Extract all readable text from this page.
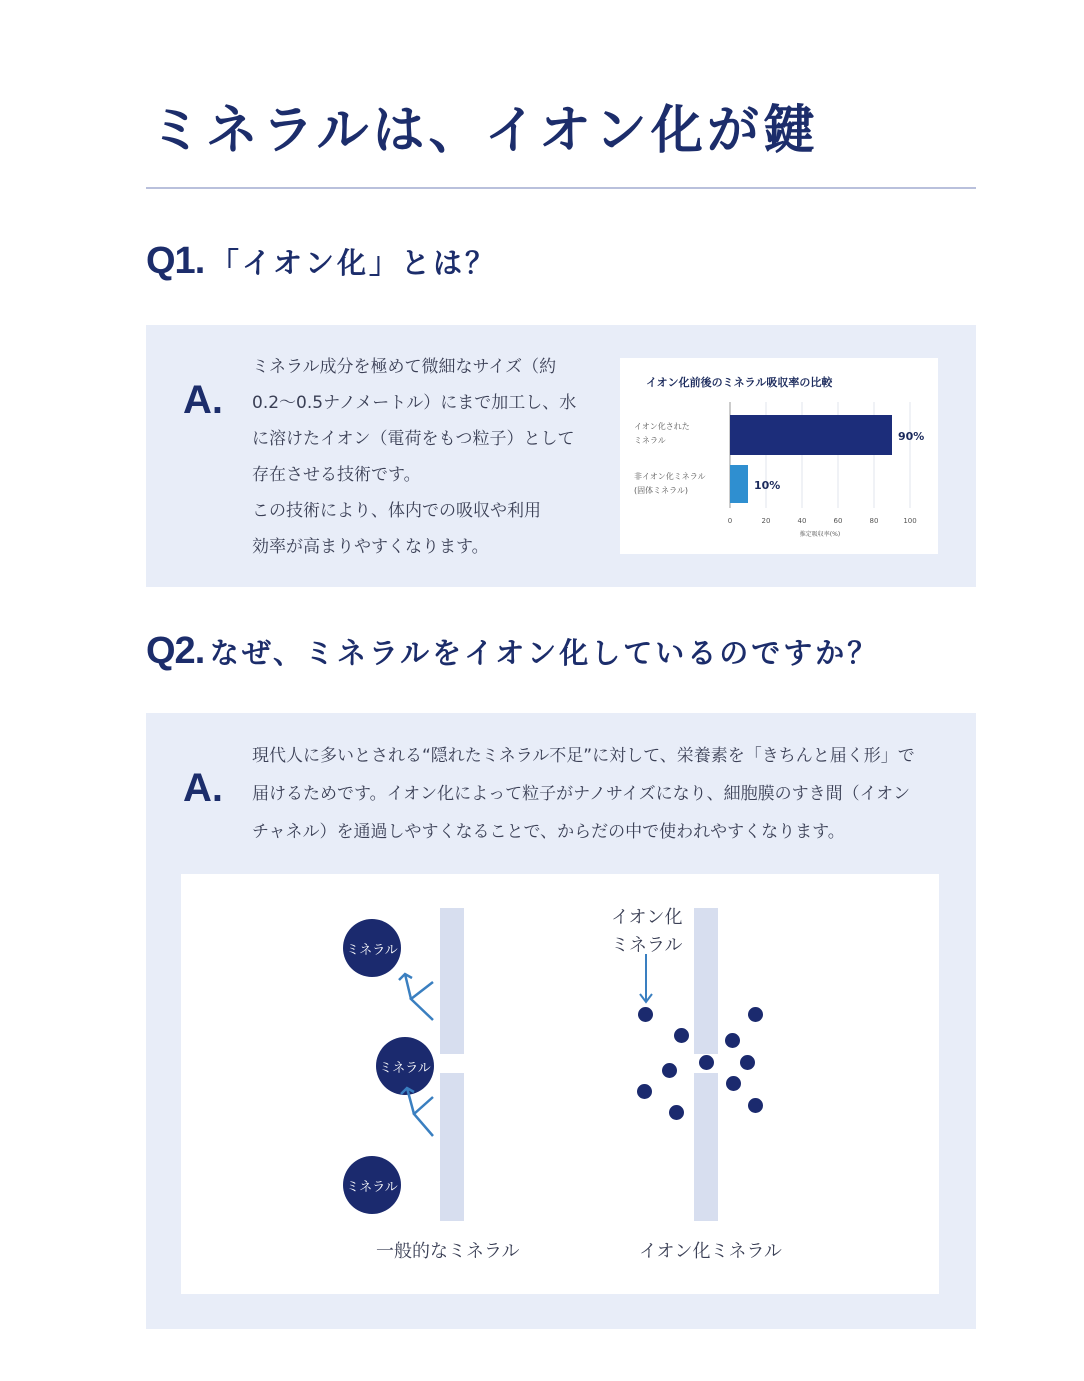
ミネラルは、イオン化が鍵
Q1. 「イオン化」とは？
A.
ミネラル成分を極めて微細なサイズ（約
0.2〜0.5ナノメートル）にまで加工し、水
に溶けたイオン（電荷をもつ粒子）として
存在させる技術です。
この技術により、体内での吸収や利用
効率が高まりやすくなります。
イオン化前後のミネラル吸収率の比較
0	20	40	60	80	100
推定吸収率(%)
90%
イオン化された
ミネラル
10%
非イオン化ミネラル
(固体ミネラル)
Q2. なぜ、ミネラルをイオン化しているのですか？
A.
現代人に多いとされる“隠れたミネラル不足”に対して、栄養素を「きちんと届く形」で
届けるためです。イオン化によって粒子がナノサイズになり、細胞膜のすき間（イオン
チャネル）を通過しやすくなることで、からだの中で使われやすくなります。
ミネラル
ミネラル
ミネラル
イオン化
ミネラル
一般的なミネラル	イオン化ミネラル
